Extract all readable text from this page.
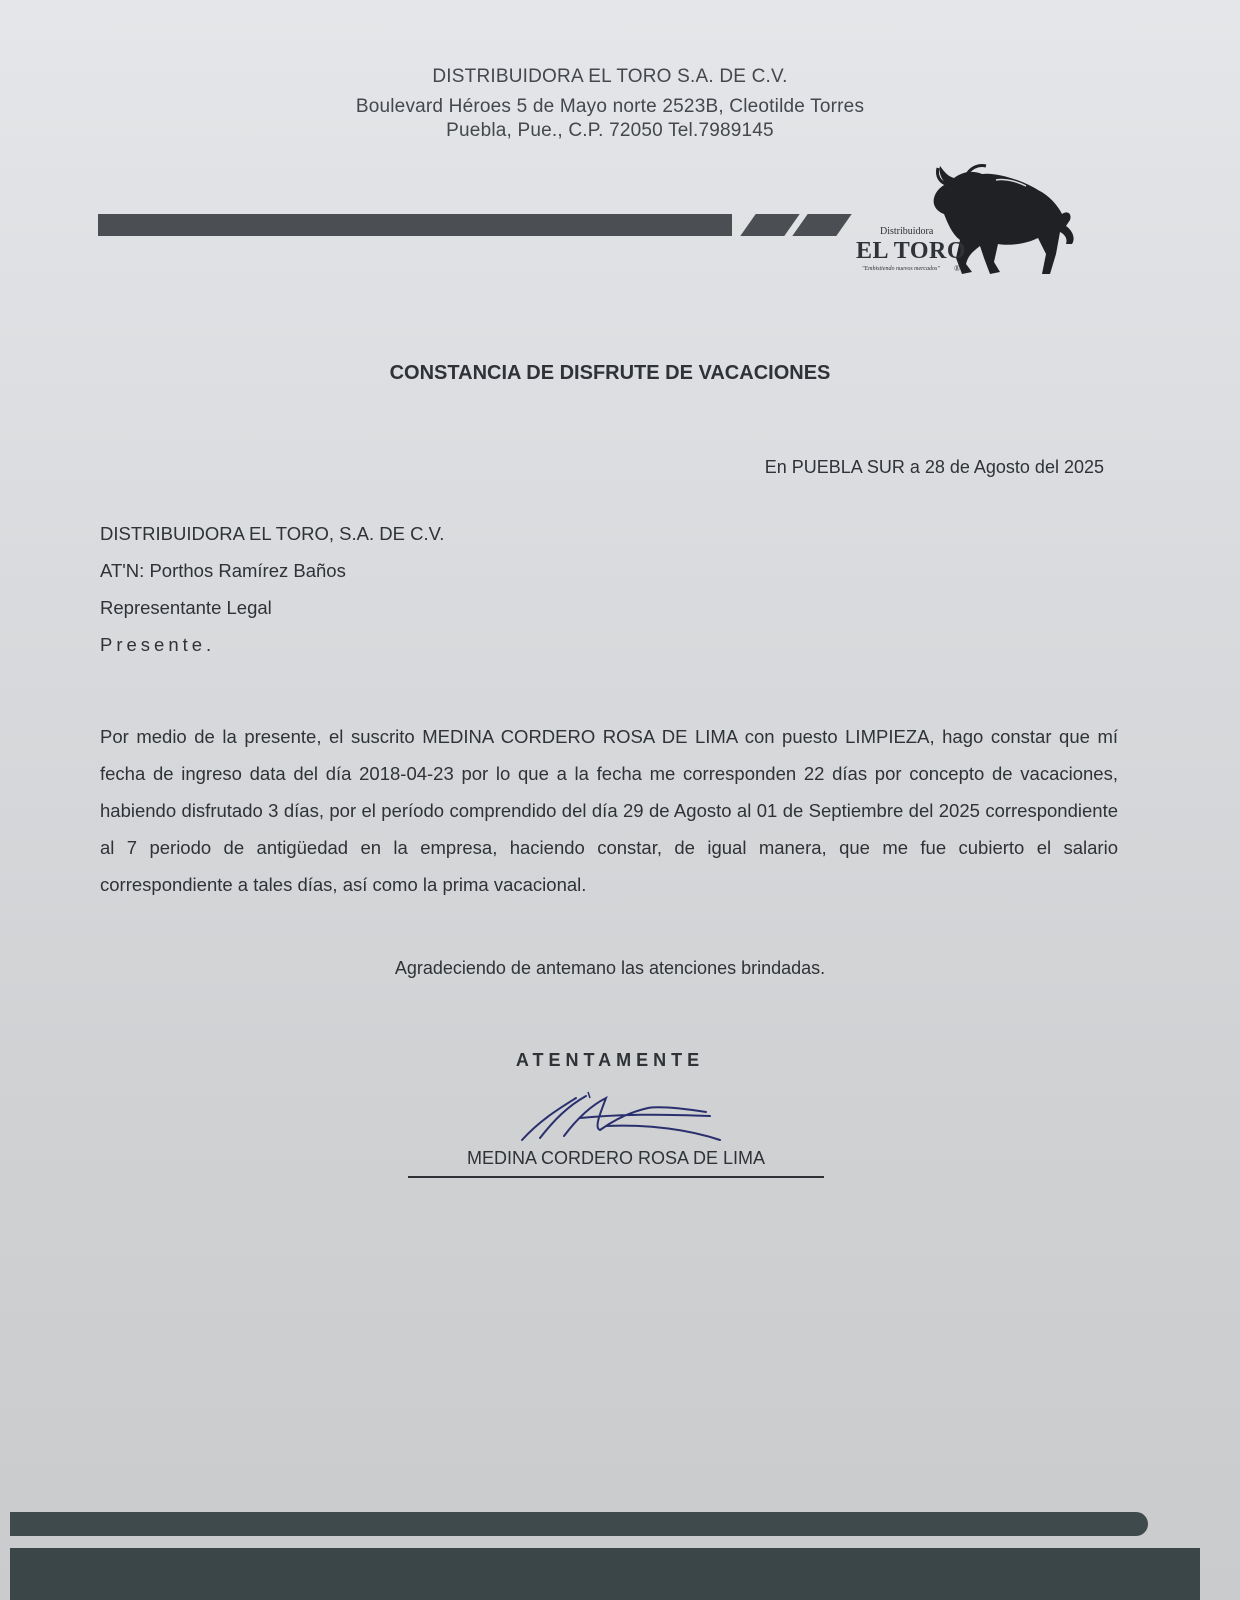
DISTRIBUIDORA EL TORO S.A. DE C.V.
Boulevard Héroes 5 de Mayo norte 2523B, Cleotilde Torres
Puebla, Pue., C.P. 72050 Tel.7989145
Distribuidora
EL TORO
"Embistiendo nuevos mercados" ®
CONSTANCIA DE DISFRUTE DE VACACIONES
En PUEBLA SUR a 28 de Agosto del 2025
DISTRIBUIDORA EL TORO, S.A. DE C.V.
AT'N: Porthos Ramírez Baños
Representante Legal
Presente.
Por medio de la presente, el suscrito MEDINA CORDERO ROSA DE LIMA con puesto LIMPIEZA, hago constar que mí fecha de ingreso data del día 2018-04-23 por lo que a la fecha me corresponden 22 días por concepto de vacaciones, habiendo disfrutado 3 días, por el período comprendido del día 29 de Agosto al 01 de Septiembre del 2025 correspondiente al 7 periodo de antigüedad en la empresa, haciendo constar, de igual manera, que me fue cubierto el salario correspondiente a tales días, así como la prima vacacional.
Agradeciendo de antemano las atenciones brindadas.
ATENTAMENTE
MEDINA CORDERO ROSA DE LIMA
